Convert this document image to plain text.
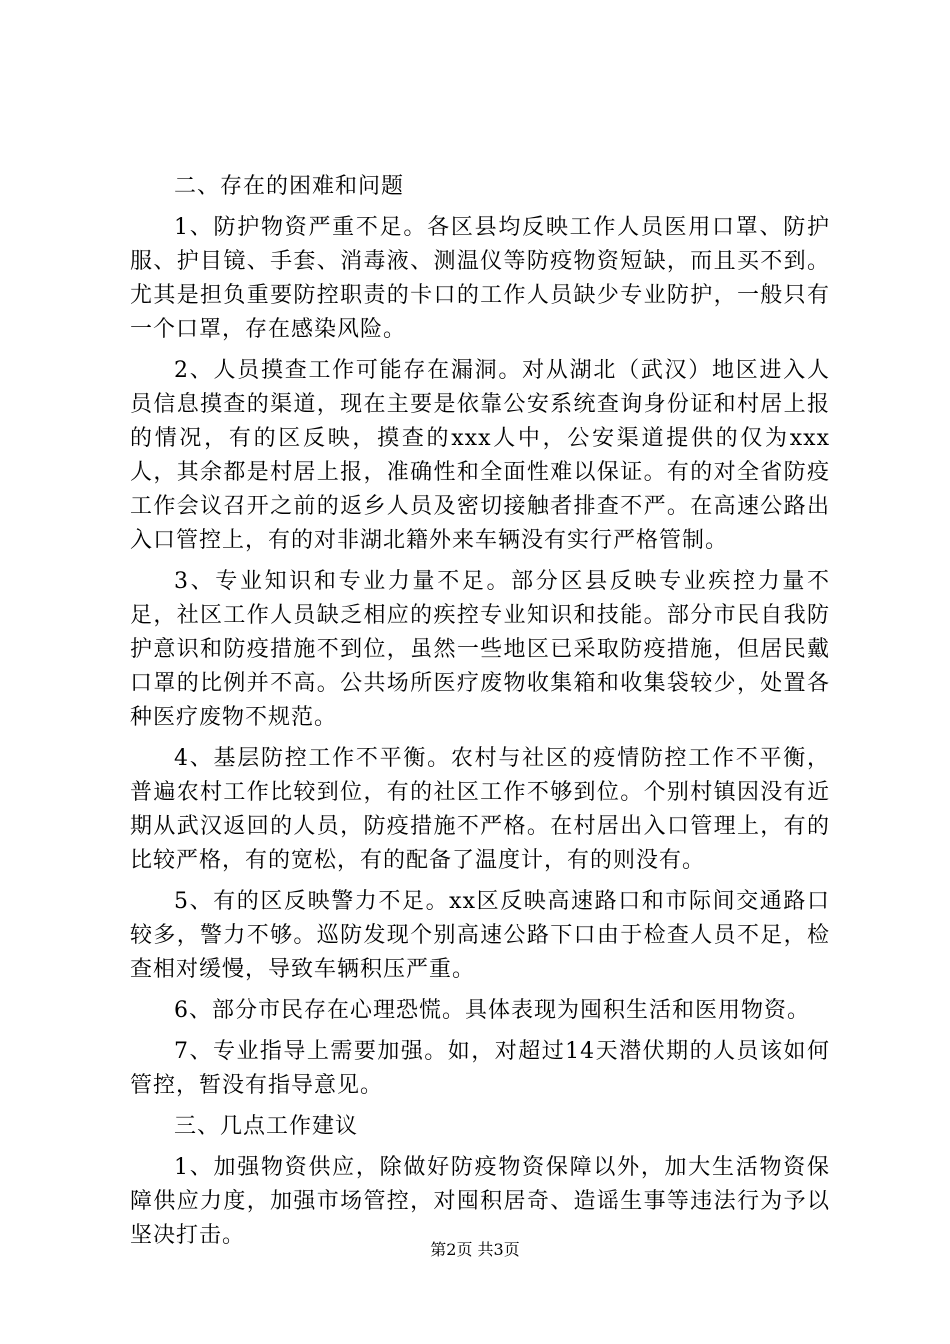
二、存在的困难和问题

1、防护物资严重不足。各区县均反映工作人员医用口罩、防护服、护目镜、手套、消毒液、测温仪等防疫物资短缺，而且买不到。尤其是担负重要防控职责的卡口的工作人员缺少专业防护，一般只有一个口罩，存在感染风险。

2、人员摸查工作可能存在漏洞。对从湖北（武汉）地区进入人员信息摸查的渠道，现在主要是依靠公安系统查询身份证和村居上报的情况，有的区反映，摸查的xxx人中，公安渠道提供的仅为xxx人，其余都是村居上报，准确性和全面性难以保证。有的对全省防疫工作会议召开之前的返乡人员及密切接触者排查不严。在高速公路出入口管控上，有的对非湖北籍外来车辆没有实行严格管制。

3、专业知识和专业力量不足。部分区县反映专业疾控力量不足，社区工作人员缺乏相应的疾控专业知识和技能。部分市民自我防护意识和防疫措施不到位，虽然一些地区已采取防疫措施，但居民戴口罩的比例并不高。公共场所医疗废物收集箱和收集袋较少，处置各种医疗废物不规范。

4、基层防控工作不平衡。农村与社区的疫情防控工作不平衡，普遍农村工作比较到位，有的社区工作不够到位。个别村镇因没有近期从武汉返回的人员，防疫措施不严格。在村居出入口管理上，有的比较严格，有的宽松，有的配备了温度计，有的则没有。

5、有的区反映警力不足。xx区反映高速路口和市际间交通路口较多，警力不够。巡防发现个别高速公路下口由于检查人员不足，检查相对缓慢，导致车辆积压严重。

6、部分市民存在心理恐慌。具体表现为囤积生活和医用物资。

7、专业指导上需要加强。如，对超过14天潜伏期的人员该如何管控，暂没有指导意见。

三、几点工作建议

1、加强物资供应，除做好防疫物资保障以外，加大生活物资保障供应力度，加强市场管控，对囤积居奇、造谣生事等违法行为予以坚决打击。

第2页 共3页
